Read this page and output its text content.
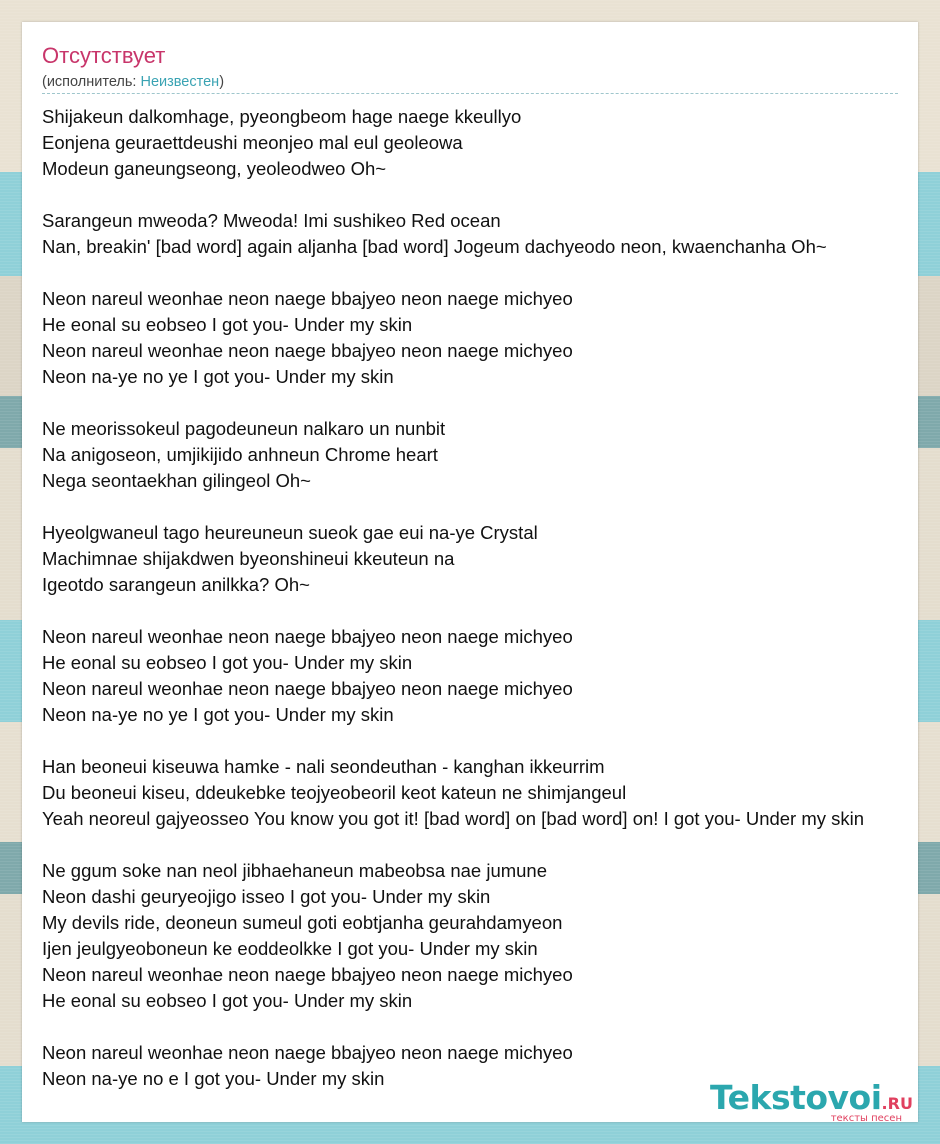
Отсутствует
(исполнитель: Неизвестен)
Shijakeun dalkomhage, pyeongbeom hage naege kkeullyo
Eonjena geuraettdeushi meonjeo mal eul geoleowa
Modeun ganeungseong, yeoleodweo Oh~
Sarangeun mweoda? Mweoda! Imi sushikeo Red ocean
Nan, breakin' [bad word] again aljanha [bad word] Jogeum dachyeodo neon, kwaenchanha Oh~
Neon nareul weonhae neon naege bbajyeo neon naege michyeo
He eonal su eobseo I got you- Under my skin
Neon nareul weonhae neon naege bbajyeo neon naege michyeo
Neon na-ye no ye I got you- Under my skin
Ne meorissokeul pagodeuneun nalkaro un nunbit
Na anigoseon, umjikijido anhneun Chrome heart
Nega seontaekhan gilingeol Oh~
Hyeolgwaneul tago heureuneun sueok gae eui na-ye Crystal
Machimnae shijakdwen byeonshineui kkeuteun na
Igeotdo sarangeun anilkka? Oh~
Neon nareul weonhae neon naege bbajyeo neon naege michyeo
He eonal su eobseo I got you- Under my skin
Neon nareul weonhae neon naege bbajyeo neon naege michyeo
Neon na-ye no ye I got you- Under my skin
Han beoneui kiseuwa hamke - nali seondeuthan - kanghan ikkeurrim
Du beoneui kiseu, ddeukebke teojyeobeoril keot kateun ne shimjangeul
Yeah neoreul gajyeosseo You know you got it! [bad word] on [bad word] on! I got you- Under my skin
Ne ggum soke nan neol jibhaehaneun mabeobsa nae jumune
Neon dashi geuryeojigo isseo I got you- Under my skin
My devils ride, deoneun sumeul goti eobtjanha geurahdamyeon
Ijen jeulgyeoboneun ke eoddeolkke I got you- Under my skin
Neon nareul weonhae neon naege bbajyeo neon naege michyeo
He eonal su eobseo I got you- Under my skin
Neon nareul weonhae neon naege bbajyeo neon naege michyeo
Neon na-ye no e I got you- Under my skin	Tekstovoi.RU
тексты песен
